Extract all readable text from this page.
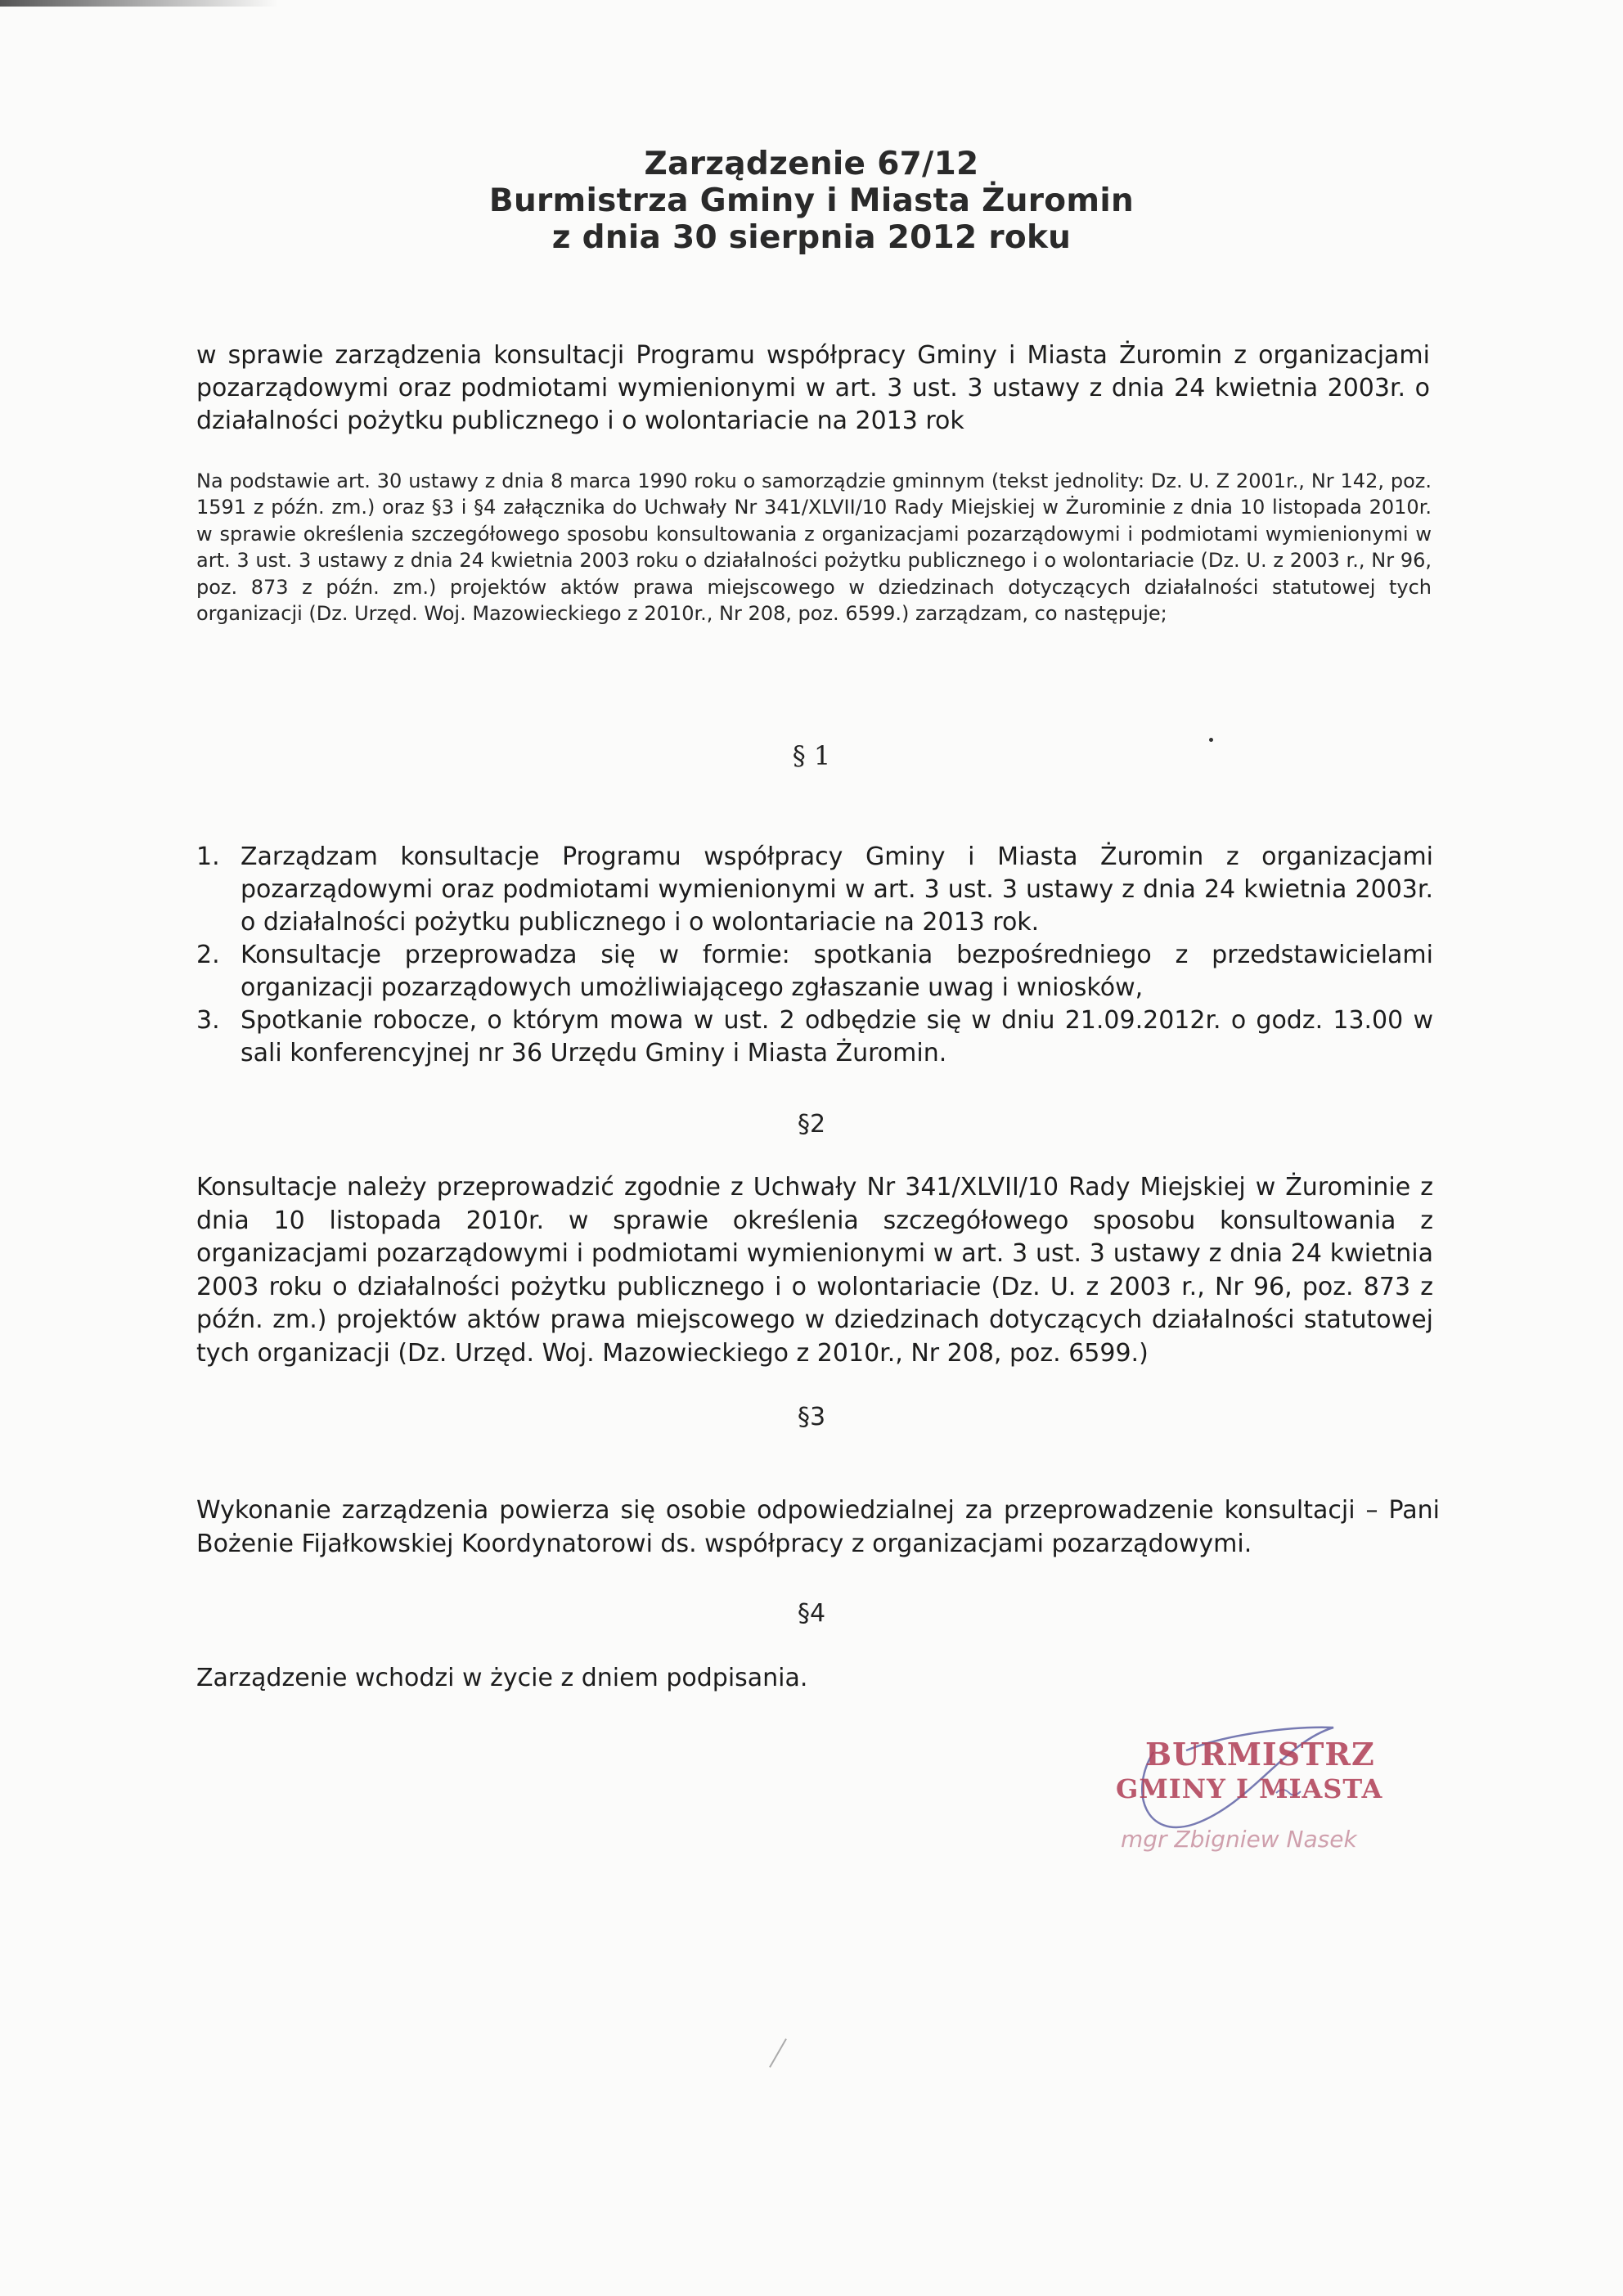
Zarządzenie 67/12
Burmistrza Gminy i Miasta Żuromin
z dnia 30 sierpnia 2012 roku
w sprawie zarządzenia konsultacji Programu współpracy Gminy i Miasta Żuromin z organizacjami pozarządowymi oraz podmiotami wymienionymi w art. 3 ust. 3 ustawy z dnia 24 kwietnia 2003r. o działalności pożytku publicznego i o wolontariacie na 2013 rok
Na podstawie art. 30 ustawy z dnia 8 marca 1990 roku o samorządzie gminnym (tekst jednolity: Dz. U. Z 2001r., Nr 142, poz. 1591 z późn. zm.) oraz §3 i §4 załącznika do Uchwały Nr 341/XLVII/10 Rady Miejskiej w Żurominie z dnia 10 listopada 2010r. w sprawie określenia szczegółowego sposobu konsultowania z organizacjami pozarządowymi i podmiotami wymienionymi w art. 3 ust. 3 ustawy z dnia 24 kwietnia 2003 roku o działalności pożytku publicznego i o wolontariacie (Dz. U. z 2003 r., Nr 96, poz. 873 z późn. zm.) projektów aktów prawa miejscowego w dziedzinach dotyczących działalności statutowej tych organizacji (Dz. Urzęd. Woj. Mazowieckiego z 2010r., Nr 208, poz. 6599.) zarządzam, co następuje;
§ 1
1. Zarządzam konsultacje Programu współpracy Gminy i Miasta Żuromin z organizacjami pozarządowymi oraz podmiotami wymienionymi w art. 3 ust. 3 ustawy z dnia 24 kwietnia 2003r. o działalności pożytku publicznego i o wolontariacie na 2013 rok.
2. Konsultacje przeprowadza się w formie: spotkania bezpośredniego z przedstawicielami organizacji pozarządowych umożliwiającego zgłaszanie uwag i wniosków,
3. Spotkanie robocze, o którym mowa w ust. 2 odbędzie się w dniu 21.09.2012r. o godz. 13.00 w sali konferencyjnej nr 36 Urzędu Gminy i Miasta Żuromin.
§2
Konsultacje należy przeprowadzić zgodnie z Uchwały Nr 341/XLVII/10 Rady Miejskiej w Żurominie z dnia 10 listopada 2010r. w sprawie określenia szczegółowego sposobu konsultowania z organizacjami pozarządowymi i podmiotami wymienionymi w art. 3 ust. 3 ustawy z dnia 24 kwietnia 2003 roku o działalności pożytku publicznego i o wolontariacie (Dz. U. z 2003 r., Nr 96, poz. 873 z późn. zm.) projektów aktów prawa miejscowego w dziedzinach dotyczących działalności statutowej tych organizacji (Dz. Urzęd. Woj. Mazowieckiego z 2010r., Nr 208, poz. 6599.)
§3
Wykonanie zarządzenia powierza się osobie odpowiedzialnej za przeprowadzenie konsultacji – Pani Bożenie Fijałkowskiej Koordynatorowi ds. współpracy z organizacjami pozarządowymi.
§4
Zarządzenie wchodzi w życie z dniem podpisania.
BURMISTRZ
GMINY I MIASTA
mgr Zbigniew Nasek
